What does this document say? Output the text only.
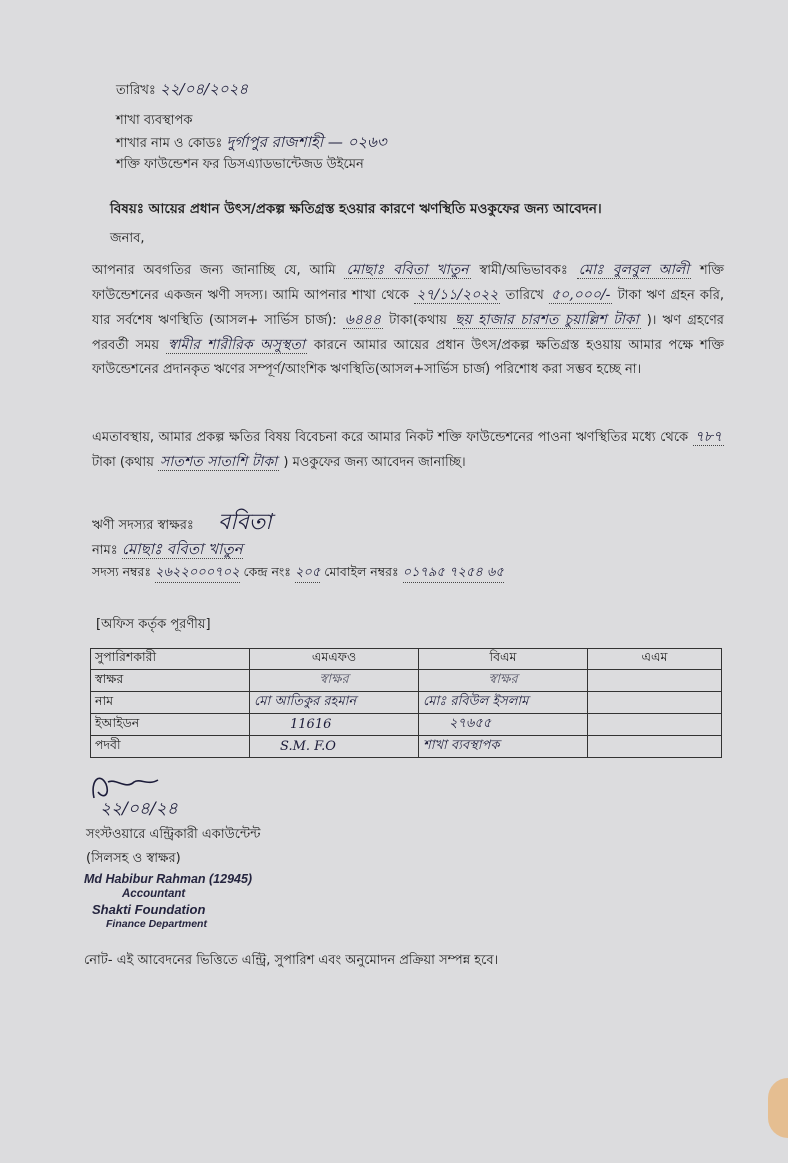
তারিখঃ ২২/০৪/২০২৪
শাখা ব্যবস্থাপক
শাখার নাম ও কোডঃ দুর্গাপুর রাজশাহী — ০২৬৩
শক্তি ফাউন্ডেশন ফর ডিসএ্যাডভান্টেজড উইমেন
বিষয়ঃ আয়ের প্রধান উৎস/প্রকল্প ক্ষতিগ্রস্ত হওয়ার কারণে ঋণস্থিতি মওকুফের জন্য আবেদন।
জনাব,
আপনার অবগতির জন্য জানাচ্ছি যে, আমি মোছাঃ ববিতা খাতুন স্বামী/অভিভাবকঃ মোঃ বুলবুল আলী শক্তি ফাউন্ডেশনের একজন ঋণী সদস্য। আমি আপনার শাখা থেকে ২৭/১১/২০২২ তারিখে ৫০,০০০/- টাকা ঋণ গ্রহন করি, যার সর্বশেষ ঋণস্থিতি (আসল+ সার্ভিস চার্জ): ৬৪৪৪ টাকা(কথায় ছয় হাজার চারশত চুয়াল্লিশ টাকা )। ঋণ গ্রহণের পরবর্তী সময় স্বামীর শারীরিক অসুস্থতা কারনে আমার আয়ের প্রধান উৎস/প্রকল্প ক্ষতিগ্রস্ত হওয়ায় আমার পক্ষে শক্তি ফাউন্ডেশনের প্রদানকৃত ঋণের সম্পূর্ণ/আংশিক ঋণস্থিতি(আসল+সার্ভিস চার্জ) পরিশোধ করা সম্ভব হচ্ছে না।
এমতাবস্থায়, আমার প্রকল্প ক্ষতির বিষয় বিবেচনা করে আমার নিকট শক্তি ফাউন্ডেশনের পাওনা ঋণস্থিতির মধ্যে থেকে ৭৮৭ টাকা (কথায় সাতশত সাতাশি টাকা ) মওকুফের জন্য আবেদন জানাচ্ছি।
ঋণী সদস্যর স্বাক্ষরঃ ববিতা
নামঃ মোছাঃ ববিতা খাতুন
সদস্য নম্বরঃ ২৬২২০০০৭০২ কেন্দ্র নংঃ ২০৫ মোবাইল নম্বরঃ ০১৭৯৫ ৭২৫৪ ৬৫
[অফিস কর্তৃক পূরণীয়]
সুপারিশকারী	এমএফও	বিএম	এএম
স্বাক্ষর	স্বাক্ষর	স্বাক্ষর	
নাম	মো আতিকুর রহমান	মোঃ রবিউল ইসলাম	
ইআইডন	11616	২৭৬৫৫	
পদবী	S.M. F.O	শাখা ব্যবস্থাপক	
২২/০৪/২৪
সংস্টওয়ারে এন্ট্রিকারী একাউন্টেন্ট
(সিলসহ ও স্বাক্ষর)
Md Habibur Rahman (12945)
Accountant
Shakti Foundation
Finance Department
নোট- এই আবেদনের ভিত্তিতে এন্ট্রি, সুপারিশ এবং অনুমোদন প্রক্রিয়া সম্পন্ন হবে।
